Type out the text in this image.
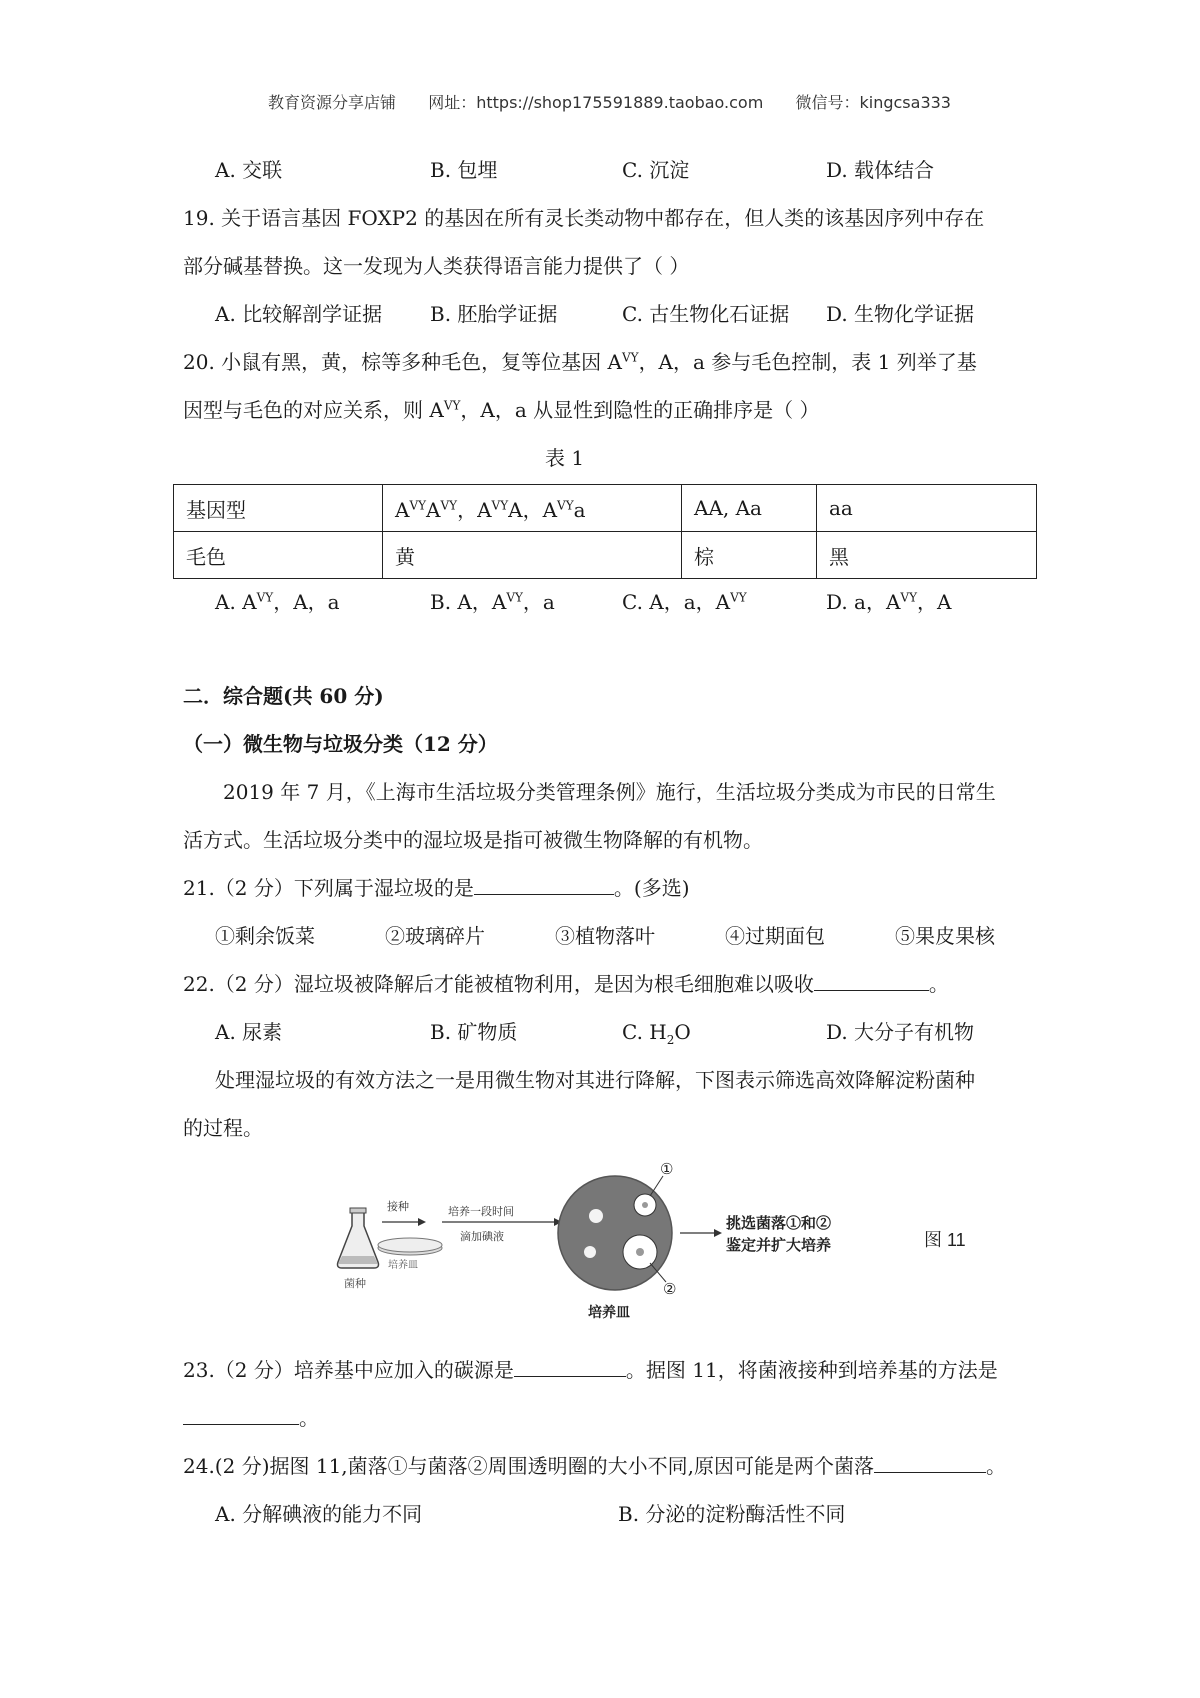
教育资源分享店铺 网址：https://shop175591889.taobao.com 微信号：kingcsa333
A. 交联	B. 包埋	C. 沉淀	D. 载体结合
19. 关于语言基因 FOXP2 的基因在所有灵长类动物中都存在，但人类的该基因序列中存在
部分碱基替换。这一发现为人类获得语言能力提供了（ ）
A. 比较解剖学证据 B. 胚胎学证据	C. 古生物化石证据 D. 生物化学证据
20. 小鼠有黑，黄，棕等多种毛色，复等位基因 $A^{VY}$，A，a 参与毛色控制，表 1 列举了基
因型与毛色的对应关系，则 $A^{VY}$，A，a 从显性到隐性的正确排序是（ ）
表 1
基因型	$A^{VY}A^{VY}$，$A^{VY}A$，$A^{VY}a$	AA, Aa	aa
毛色	黄	棕	黑
A. $A^{VY}$，A，a	B. A，$A^{VY}$，a	C. A，a，$A^{VY}$	D. a，$A^{VY}$，A
二．综合题(共 60 分)
（一）微生物与垃圾分类（12 分）
2019 年 7 月，《上海市生活垃圾分类管理条例》施行，生活垃圾分类成为市民的日常生
活方式。生活垃圾分类中的湿垃圾是指可被微生物降解的有机物。
21.（2 分）下列属于湿垃圾的是	。(多选)
①剩余饭菜	②玻璃碎片	③植物落叶	④过期面包	⑤果皮果核
22.（2 分）湿垃圾被降解后才能被植物利用，是因为根毛细胞难以吸收	。
A. 尿素	B. 矿物质	C. $H_2O$	D. 大分子有机物
处理湿垃圾的有效方法之一是用微生物对其进行降解，下图表示筛选高效降解淀粉菌种
的过程。
菌种
接种
培养皿
培养一段时间
滴加碘液
①
②
培养皿
挑选菌落①和②
鉴定并扩大培养	图 11
23.（2 分）培养基中应加入的碳源是	。据图 11，将菌液接种到培养基的方法是
。
24.(2 分)据图 11,菌落①与菌落②周围透明圈的大小不同,原因可能是两个菌落	。
A. 分解碘液的能力不同	B. 分泌的淀粉酶活性不同
